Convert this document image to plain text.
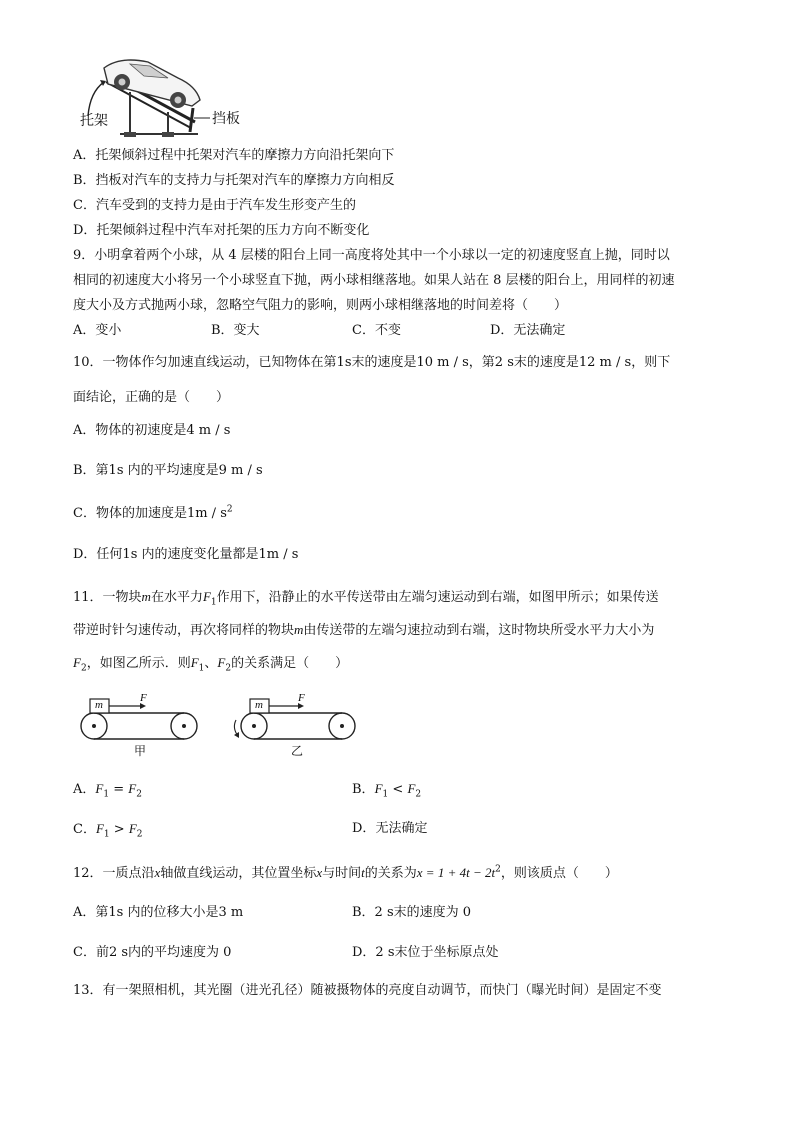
托架	挡板
A．托架倾斜过程中托架对汽车的摩擦力方向沿托架向下
B．挡板对汽车的支持力与托架对汽车的摩擦力方向相反
C．汽车受到的支持力是由于汽车发生形变产生的
D．托架倾斜过程中汽车对托架的压力方向不断变化
9．小明拿着两个小球，从 4 层楼的阳台上同一高度将处其中一个小球以一定的初速度竖直上抛，同时以
相同的初速度大小将另一个小球竖直下抛，两小球相继落地。如果人站在 8 层楼的阳台上，用同样的初速
度大小及方式抛两小球，忽略空气阻力的影响，则两小球相继落地的时间差将（　　）
A．变小	B．变大	C．不变	D．无法确定
10．一物体作匀加速直线运动，已知物体在第1s末的速度是10 m / s，第2 s末的速度是12 m / s，则下
面结论，正确的是（　　）
A．物体的初速度是4 m / s
B．第1s 内的平均速度是9 m / s
C．物体的加速度是$1m / s^2$
D．任何1s 内的速度变化量都是1m / s
11．一物块m在水平力$F_1$作用下，沿静止的水平传送带由左端匀速运动到右端，如图甲所示；如果传送
带逆时针匀速传动，再次将同样的物块m由传送带的左端匀速拉动到右端，这时物块所受水平力大小为
$F_2$，如图乙所示．则$F_1$、$F_2$的关系满足（　　）
m
F
m
F
甲	乙
A．$F_1 = F_2$	B．$F_1 < F_2$
C．$F_1 > F_2$	D．无法确定
12．一质点沿x轴做直线运动，其位置坐标x与时间t的关系为$x = 1 + 4t - 2t^2$，则该质点（　　）
A．第1s 内的位移大小是3 m	B．2 s末的速度为 0
C．前2 s内的平均速度为 0	D．2 s末位于坐标原点处
13．有一架照相机，其光圈（进光孔径）随被摄物体的亮度自动调节，而快门（曝光时间）是固定不变
